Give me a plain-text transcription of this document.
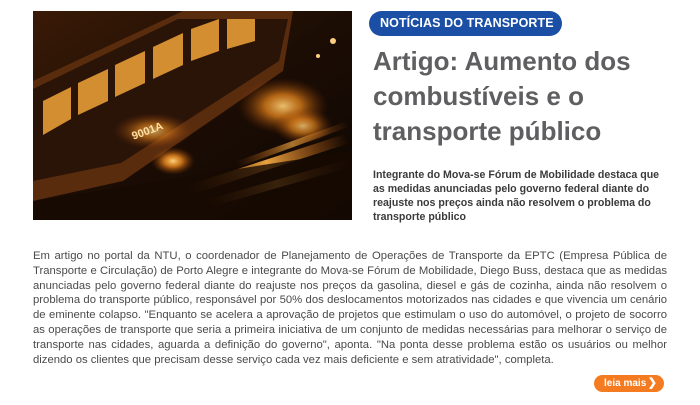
9001A
NOTÍCIAS DO TRANSPORTE
Artigo: Aumento dos combustíveis e o transporte público

Integrante do Mova-se Fórum de Mobilidade destaca que as medidas anunciadas pelo governo federal diante do reajuste nos preços ainda não resolvem o problema do transporte público

Em artigo no portal da NTU, o coordenador de Planejamento de Operações de Transporte da EPTC (Empresa Pública de Transporte e Circulação) de Porto Alegre e integrante do Mova-se Fórum de Mobilidade, Diego Buss, destaca que as medidas anunciadas pelo governo federal diante do reajuste nos preços da gasolina, diesel e gás de cozinha, ainda não resolvem o problema do transporte público, responsável por 50% dos deslocamentos motorizados nas cidades e que vivencia um cenário de eminente colapso. "Enquanto se acelera a aprovação de projetos que estimulam o uso do automóvel, o projeto de socorro as operações de transporte que seria a primeira iniciativa de um conjunto de medidas necessárias para melhorar o serviço de transporte nas cidades, aguarda a definição do governo", aponta. "Na ponta desse problema estão os usuários ou melhor dizendo os clientes que precisam desse serviço cada vez mais deficiente e sem atratividade", completa.

leia mais ❯
